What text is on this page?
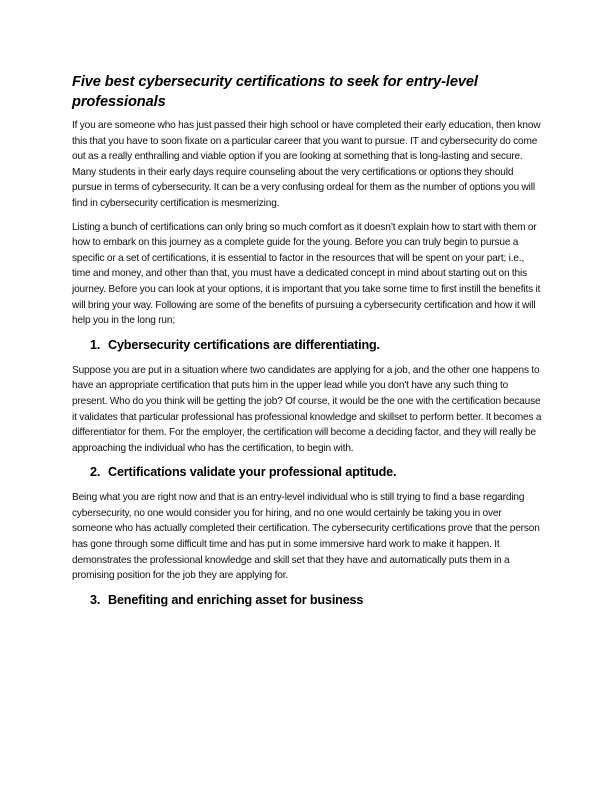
Five best cybersecurity certifications to seek for entry-level professionals

If you are someone who has just passed their high school or have completed their early education, then know this that you have to soon fixate on a particular career that you want to pursue. IT and cybersecurity do come out as a really enthralling and viable option if you are looking at something that is long-lasting and secure. Many students in their early days require counseling about the very certifications or options they should pursue in terms of cybersecurity. It can be a very confusing ordeal for them as the number of options you will find in cybersecurity certification is mesmerizing.

Listing a bunch of certifications can only bring so much comfort as it doesn’t explain how to start with them or how to embark on this journey as a complete guide for the young. Before you can truly begin to pursue a specific or a set of certifications, it is essential to factor in the resources that will be spent on your part; i.e., time and money, and other than that, you must have a dedicated concept in mind about starting out on this journey. Before you can look at your options, it is important that you take some time to first instill the benefits it will bring your way. Following are some of the benefits of pursuing a cybersecurity certification and how it will help you in the long run;

1. Cybersecurity certifications are differentiating.

Suppose you are put in a situation where two candidates are applying for a job, and the other one happens to have an appropriate certification that puts him in the upper lead while you don't have any such thing to present. Who do you think will be getting the job? Of course, it would be the one with the certification because it validates that particular professional has professional knowledge and skillset to perform better. It becomes a differentiator for them. For the employer, the certification will become a deciding factor, and they will really be approaching the individual who has the certification, to begin with.

2. Certifications validate your professional aptitude.

Being what you are right now and that is an entry-level individual who is still trying to find a base regarding cybersecurity, no one would consider you for hiring, and no one would certainly be taking you in over someone who has actually completed their certification. The cybersecurity certifications prove that the person has gone through some difficult time and has put in some immersive hard work to make it happen. It demonstrates the professional knowledge and skill set that they have and automatically puts them in a promising position for the job they are applying for.

3. Benefiting and enriching asset for business
